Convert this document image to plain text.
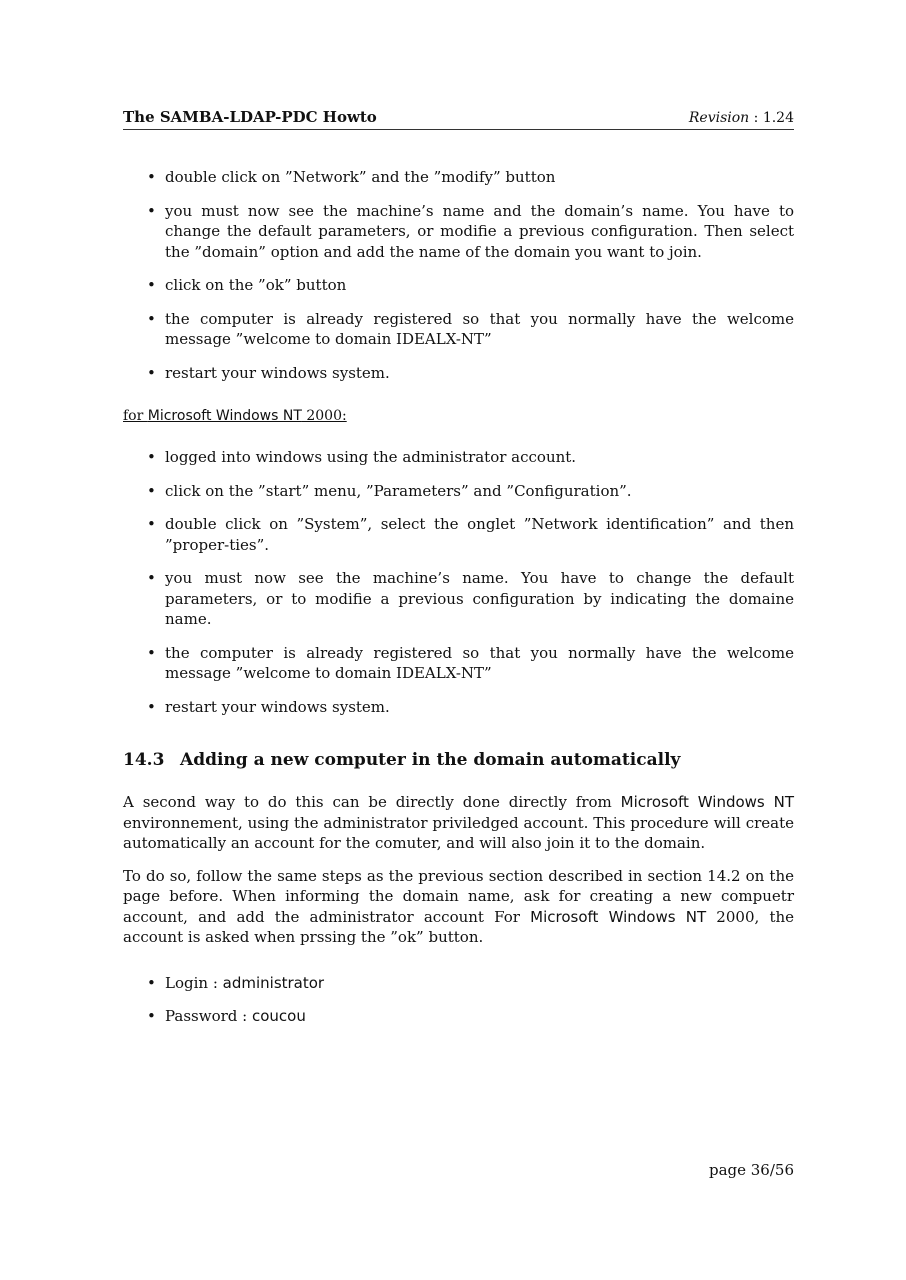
The SAMBA-LDAP-PDC Howto	Revision : 1.24
• double click on ”Network” and the ”modify” button
• you must now see the machine’s name and the domain’s name. You have to change the default parameters, or modifie a previous configuration. Then select the ”domain” option and add the name of the domain you want to join.
• click on the ”ok” button
• the computer is already registered so that you normally have the welcome message ”welcome to domain IDEALX-NT”
• restart your windows system.
for Microsoft Windows NT 2000:
• logged into windows using the administrator account.
• click on the ”start” menu, ”Parameters” and ”Configuration”.
• double click on ”System”, select the onglet ”Network identification” and then ”proper-ties”.
• you must now see the machine’s name. You have to change the default parameters, or to modifie a previous configuration by indicating the domaine name.
• the computer is already registered so that you normally have the welcome message ”welcome to domain IDEALX-NT”
• restart your windows system.
14.3 Adding a new computer in the domain automatically

A second way to do this can be directly done directly from Microsoft Windows NT environnement, using the administrator priviledged account. This procedure will create automatically an account for the comuter, and will also join it to the domain.

To do so, follow the same steps as the previous section described in section 14.2 on the page before. When informing the domain name, ask for creating a new compuetr account, and add the administrator account For Microsoft Windows NT 2000, the account is asked when prssing the ”ok” button.

• Login : administrator
• Password : coucou
page 36/56
